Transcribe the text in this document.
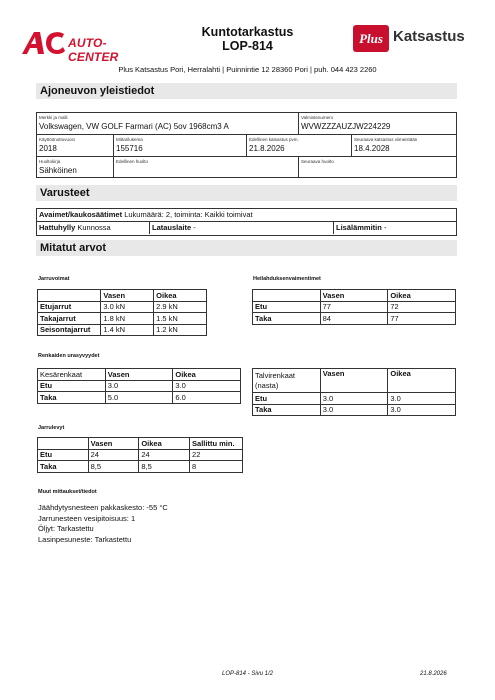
AUTO-CENTER
Kuntotarkastus
LOP-814	Plus Katsastus
Plus Katsastus Pori, Herralahti | Puinnintie 12 28360 Pori | puh. 044 423 2260
Ajoneuvon yleistiedot
Merkki ja malli
Volkswagen, VW GOLF Farmari (AC) 5ov 1968cm3 A
Valmistenumero
WVWZZZAUZJW224229
Käyttöönottovuosi
2018
Mittarilukema
155716
Edellinen katsastus pvm.
21.8.2026
Seuraava katsastus viimeistään
18.4.2028
Huoltokirja
Sähköinen
Edellinen huolto	Seuraava huolto
Varusteet
Avaimet/kaukosäätimet Lukumäärä: 2, toiminta: Kaikki toimivat
Hattuhylly Kunnossa	Latauslaite -	Lisälämmitin -
Mitatut arvot
Jarruvoimat
	Vasen	Oikea
Etujarrut	3.0 kN	2.9 kN
Takajarrut	1.8 kN	1.5 kN
Seisontajarrut	1.4 kN	1.2 kN
Heilahduksenvaimentimet
	Vasen	Oikea
Etu	77	72
Taka	84	77
Renkaiden urasyvyydet
Kesärenkaat	Vasen	Oikea
Etu	3.0	3.0
Taka	5.0	6.0
Talvirenkaat (nasta)	Vasen	Oikea
Etu	3.0	3.0
Taka	3.0	3.0
Jarrulevyt
	Vasen	Oikea	Sallittu min.
Etu	24	24	22
Taka	8,5	8,5	8
Muut mittaukset/tiedot
Jäähdytysnesteen pakkaskesto: -55 °C
Jarrunesteen vesipitoisuus: 1
Öljyt: Tarkastettu
Lasinpesuneste: Tarkastettu
LOP-814 - Sivu 1/2	21.8.2026
